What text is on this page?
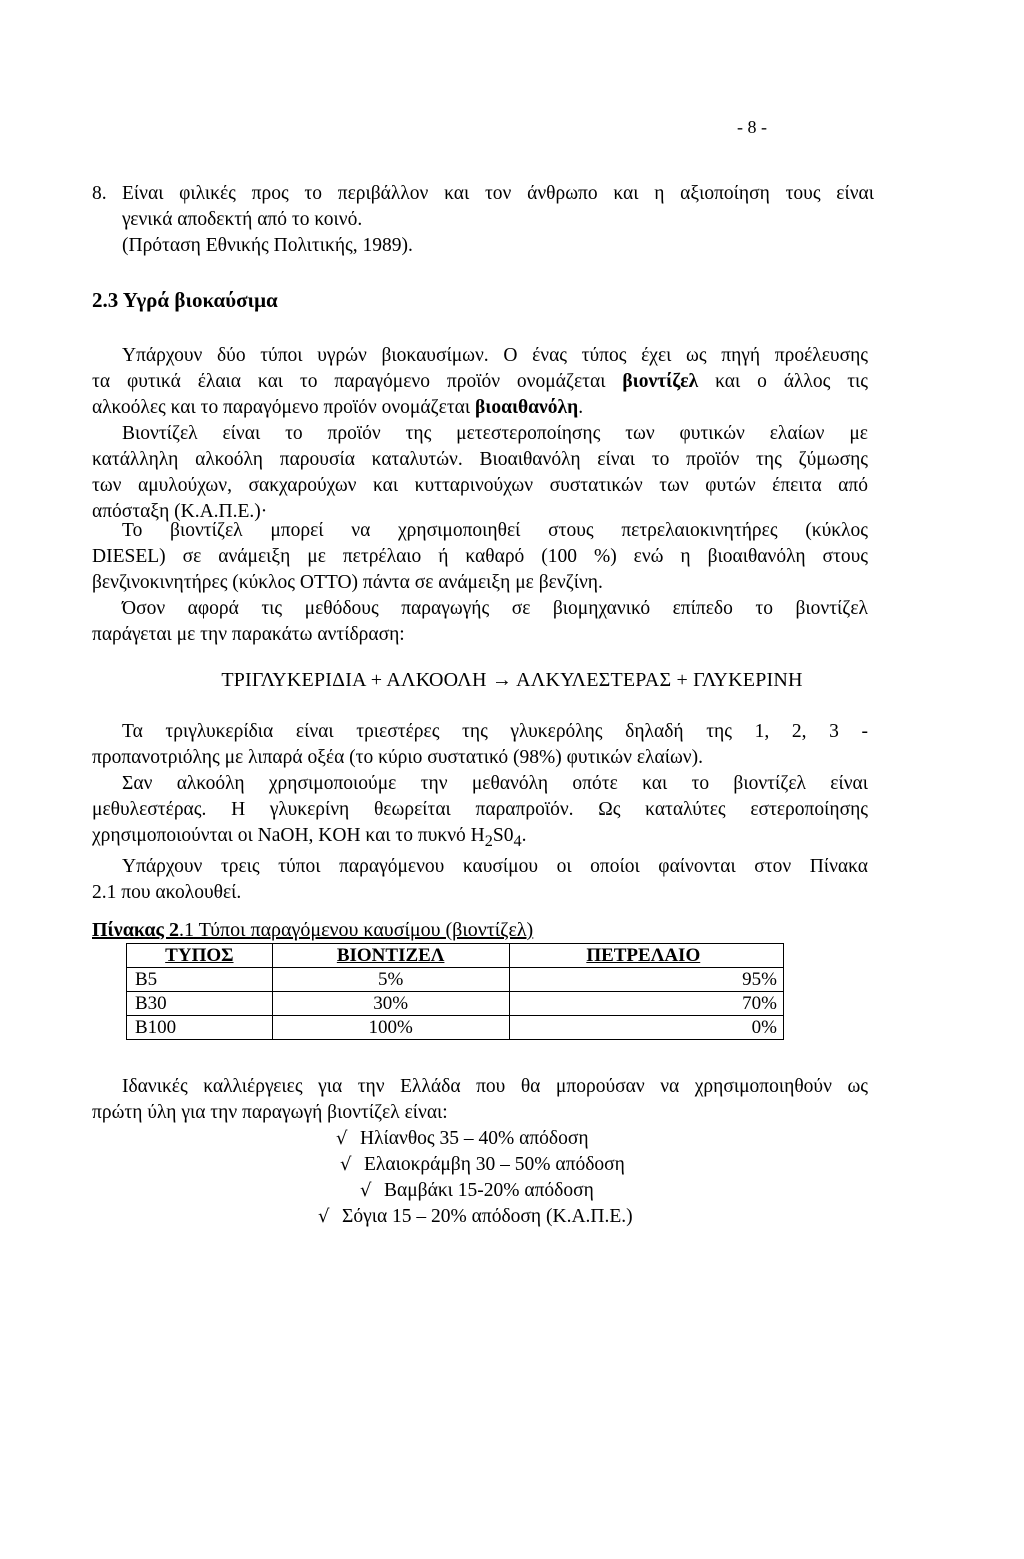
- 8 -
8. Είναι φιλικές προς το περιβάλλον και τον άνθρωπο και η αξιοποίηση τους είναι
γενικά αποδεκτή από το κοινό.
(Πρόταση Εθνικής Πολιτικής, 1989).
2.3 Υγρά βιοκαύσιμα
Υπάρχουν δύο τύποι υγρών βιοκαυσίμων. Ο ένας τύπος έχει ως πηγή προέλευσης
τα φυτικά έλαια και το παραγόμενο προϊόν ονομάζεται βιοντίζελ και ο άλλος τις
αλκοόλες και το παραγόμενο προϊόν ονομάζεται βιοαιθανόλη.
Βιοντίζελ είναι το προϊόν της μετεστεροποίησης των φυτικών ελαίων με
κατάλληλη αλκοόλη παρουσία καταλυτών. Βιοαιθανόλη είναι το προϊόν της ζύμωσης
των αμυλούχων, σακχαρούχων και κυτταρινούχων συστατικών των φυτών έπειτα από
απόσταξη (Κ.Α.Π.Ε.)·
Το βιοντίζελ μπορεί να χρησιμοποιηθεί στους πετρελαιοκινητήρες (κύκλος
DIESEL) σε ανάμειξη με πετρέλαιο ή καθαρό (100 %) ενώ η βιοαιθανόλη στους
βενζινοκινητήρες (κύκλος ΟΤΤΟ) πάντα σε ανάμειξη με βενζίνη.
Όσον αφορά τις μεθόδους παραγωγής σε βιομηχανικό επίπεδο το βιοντίζελ
παράγεται με την παρακάτω αντίδραση:
ΤΡΙΓΛΥΚΕΡΙΔΙΑ + ΑΛΚΟΟΛΗ → ΑΛΚΥΛΕΣΤΕΡΑΣ + ΓΛΥΚΕΡΙΝΗ
Τα τριγλυκερίδια είναι τριεστέρες της γλυκερόλης δηλαδή της 1, 2, 3 -
προπανοτριόλης με λιπαρά οξέα (το κύριο συστατικό (98%) φυτικών ελαίων).
Σαν αλκοόλη χρησιμοποιούμε την μεθανόλη οπότε και το βιοντίζελ είναι
μεθυλεστέρας. Η γλυκερίνη θεωρείται παραπροϊόν. Ως καταλύτες εστεροποίησης
χρησιμοποιούνται οι NaOH, KOH και το πυκνό $H_2S0_4$.
Υπάρχουν τρεις τύποι παραγόμενου καυσίμου οι οποίοι φαίνονται στον Πίνακα
2.1 που ακολουθεί.
Πίνακας 2.1 Τύποι παραγόμενου καυσίμου (βιοντίζελ)
ΤΥΠΟΣ	ΒΙΟΝΤΙΖΕΛ	ΠΕΤΡΕΛΑΙΟ
B5	5%	95%
B30	30%	70%
B100	100%	0%
Ιδανικές καλλιέργειες για την Ελλάδα που θα μπορούσαν να χρησιμοποιηθούν ως
πρώτη ύλη για την παραγωγή βιοντίζελ είναι:
√ Ηλίανθος 35 – 40% απόδοση
√ Ελαιοκράμβη 30 – 50% απόδοση
√ Βαμβάκι 15-20% απόδοση
√ Σόγια 15 – 20% απόδοση (Κ.Α.Π.Ε.)
